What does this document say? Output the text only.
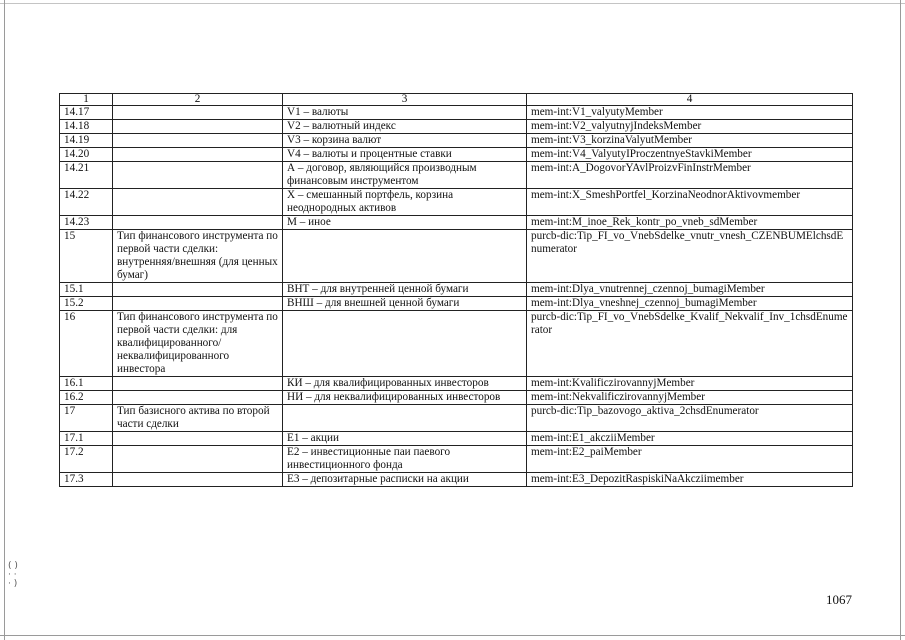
( )
· ·
· )
1	2	3	4
14.17		V1 – валюты	mem-int:V1_valyutyMember
14.18		V2 – валютный индекс	mem-int:V2_valyutnyjIndeksMember
14.19		V3 – корзина валют	mem-int:V3_korzinaValyutMember
14.20		V4 – валюты и процентные ставки	mem-int:V4_ValyutyIProczentnyeStavkiMember
14.21		А – договор, являющийся производным финансовым инструментом	mem-int:A_DogovorYAvlProizvFinInstrMember
14.22		Х – смешанный портфель, корзина неоднородных активов	mem-int:X_SmeshPortfel_KorzinaNeodnorAktivovmember
14.23		М – иное	mem-int:M_inoe_Rek_kontr_po_vneb_sdMember
15	Тип финансового инструмента по первой части сделки: внутренняя/внешняя (для ценных бумаг)		purcb-dic:Tip_FI_vo_VnebSdelke_vnutr_vnesh_CZENBUMElchsdEnumerator
15.1		ВНТ – для внутренней ценной бумаги	mem-int:Dlya_vnutrennej_czennoj_bumagiMember
15.2		ВНШ – для внешней ценной бумаги	mem-int:Dlya_vneshnej_czennoj_bumagiMember
16	Тип финансового инструмента по первой части сделки: для квалифицированного/неквалифицированного инвестора		purcb-dic:Tip_FI_vo_VnebSdelke_Kvalif_Nekvalif_Inv_1chsdEnumerator
16.1		КИ – для квалифицированных инвесторов	mem-int:KvalificzirovannyjMember
16.2		НИ – для неквалифицированных инвесторов	mem-int:NekvalificzirovannyjMember
17	Тип базисного актива по второй части сделки		purcb-dic:Tip_bazovogo_aktiva_2chsdEnumerator
17.1		Е1 – акции	mem-int:E1_akcziiMember
17.2		Е2 – инвестиционные паи паевого инвестиционного фонда	mem-int:E2_paiMember
17.3		Е3 – депозитарные расписки на акции	mem-int:E3_DepozitRaspiskiNaAkcziimember
1067
